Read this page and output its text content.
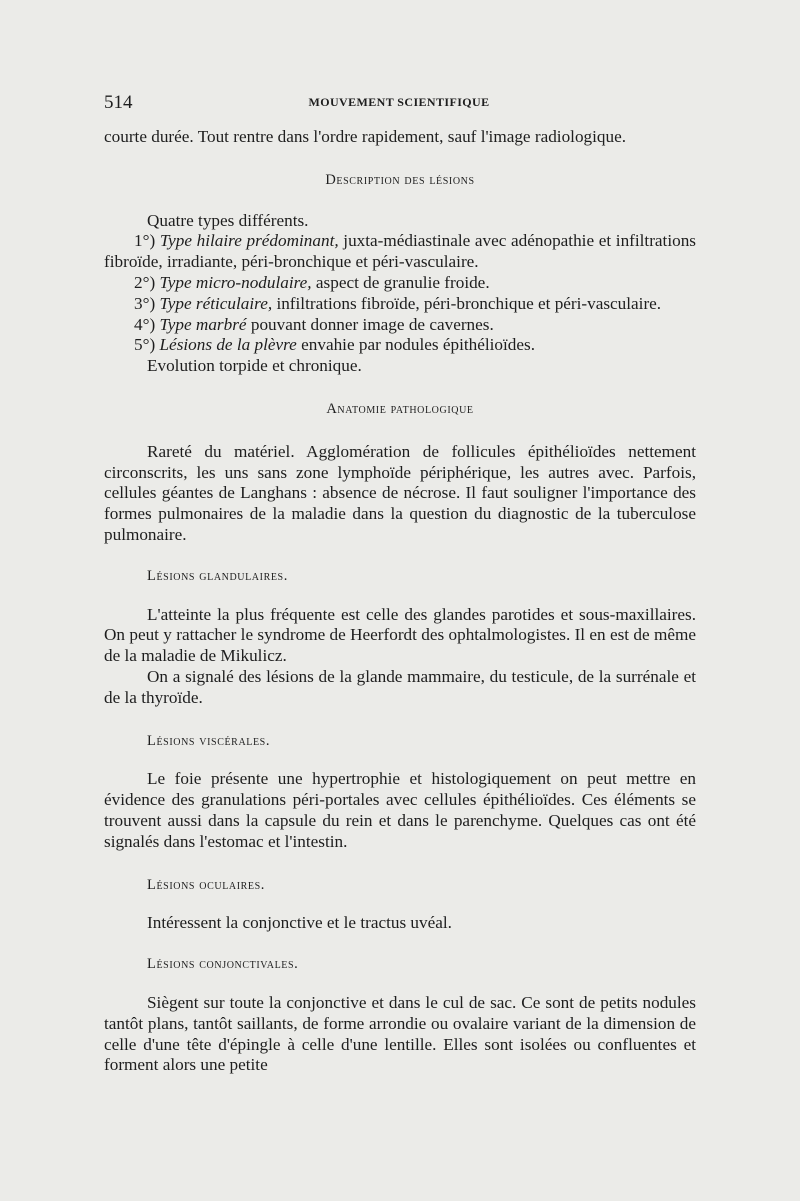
514	MOUVEMENT SCIENTIFIQUE

courte durée. Tout rentre dans l'ordre rapidement, sauf l'image radiologique.

Description des lésions

Quatre types différents.

1°) Type hilaire prédominant, juxta-médiastinale avec adénopathie et infiltrations fibroïde, irradiante, péri-bronchique et péri-vasculaire.

2°) Type micro-nodulaire, aspect de granulie froide.

3°) Type réticulaire, infiltrations fibroïde, péri-bronchique et péri-vasculaire.

4°) Type marbré pouvant donner image de cavernes.

5°) Lésions de la plèvre envahie par nodules épithélioïdes.

Evolution torpide et chronique.

Anatomie pathologique

Rareté du matériel. Agglomération de follicules épithélioïdes nettement circonscrits, les uns sans zone lymphoïde périphérique, les autres avec. Parfois, cellules géantes de Langhans : absence de nécrose. Il faut souligner l'importance des formes pulmonaires de la maladie dans la question du diagnostic de la tuberculose pulmonaire.

Lésions glandulaires.

L'atteinte la plus fréquente est celle des glandes parotides et sous-maxillaires. On peut y rattacher le syndrome de Heerfordt des ophtalmologistes. Il en est de même de la maladie de Mikulicz.

On a signalé des lésions de la glande mammaire, du testicule, de la surrénale et de la thyroïde.

Lésions viscérales.

Le foie présente une hypertrophie et histologiquement on peut mettre en évidence des granulations péri-portales avec cellules épithélioïdes. Ces éléments se trouvent aussi dans la capsule du rein et dans le parenchyme. Quelques cas ont été signalés dans l'estomac et l'intestin.

Lésions oculaires.

Intéressent la conjonctive et le tractus uvéal.

Lésions conjonctivales.

Siègent sur toute la conjonctive et dans le cul de sac. Ce sont de petits nodules tantôt plans, tantôt saillants, de forme arrondie ou ovalaire variant de la dimension de celle d'une tête d'épingle à celle d'une lentille. Elles sont isolées ou confluentes et forment alors une petite
